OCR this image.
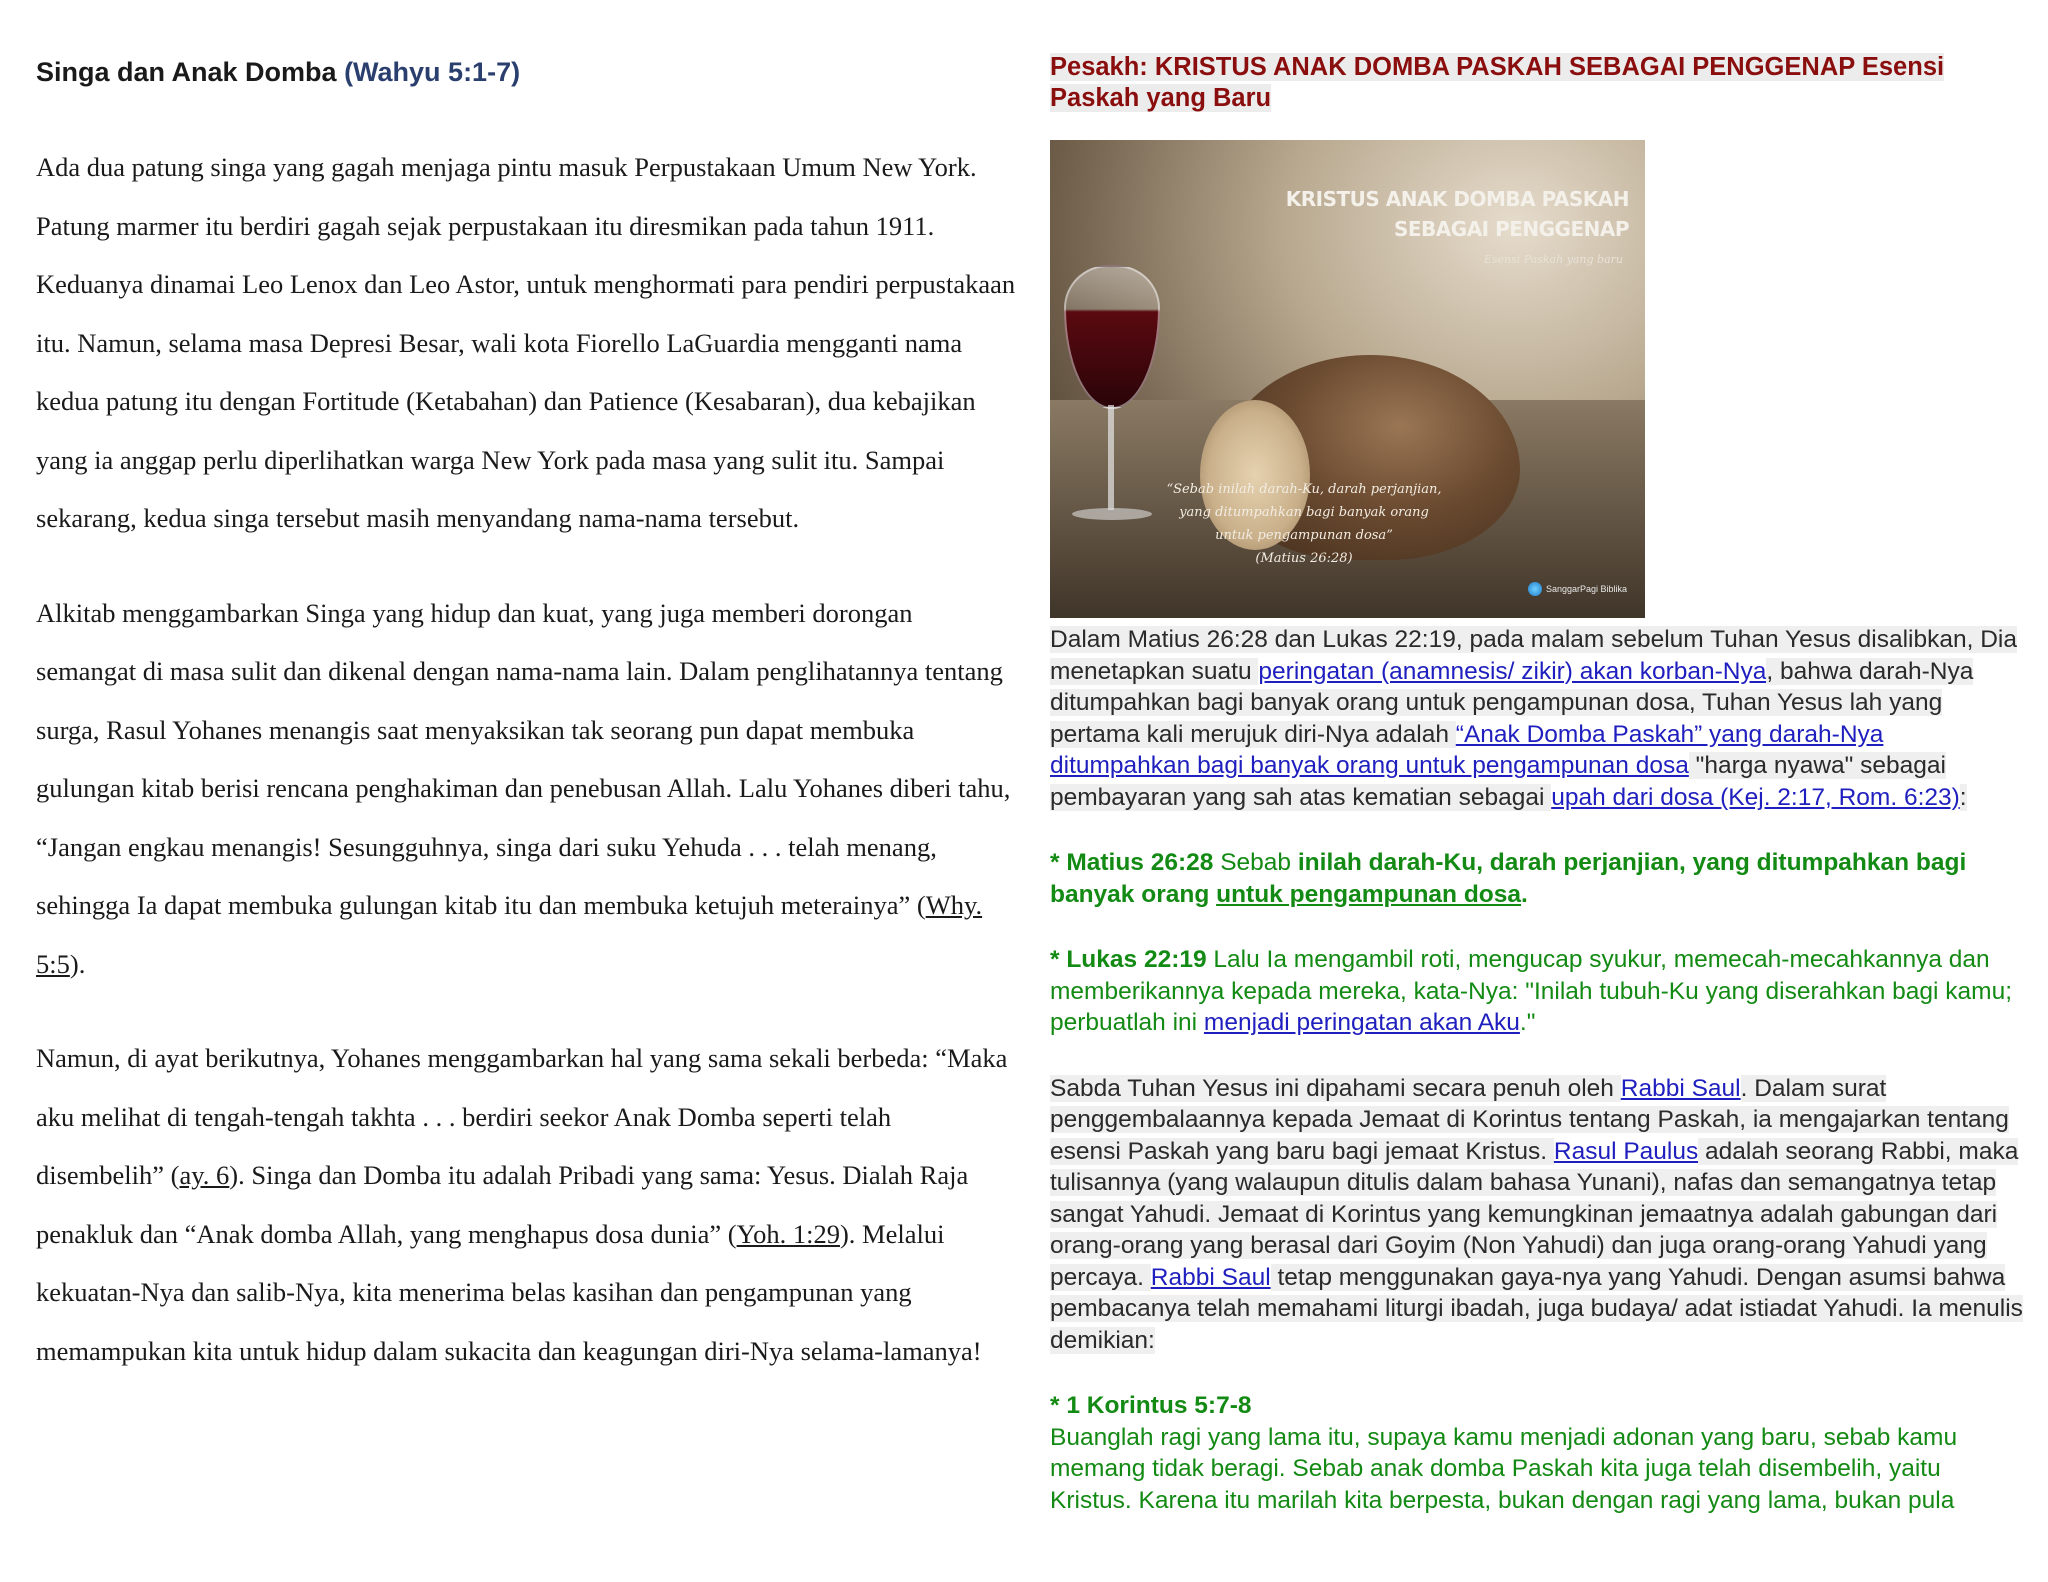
Singa dan Anak Domba (Wahyu 5:1-7)

Ada dua patung singa yang gagah menjaga pintu masuk Perpustakaan Umum New York. Patung marmer itu berdiri gagah sejak perpustakaan itu diresmikan pada tahun 1911. Keduanya dinamai Leo Lenox dan Leo Astor, untuk menghormati para pendiri perpustakaan itu. Namun, selama masa Depresi Besar, wali kota Fiorello LaGuardia mengganti nama kedua patung itu dengan Fortitude (Ketabahan) dan Patience (Kesabaran), dua kebajikan yang ia anggap perlu diperlihatkan warga New York pada masa yang sulit itu. Sampai sekarang, kedua singa tersebut masih menyandang nama-nama tersebut.

Alkitab menggambarkan Singa yang hidup dan kuat, yang juga memberi dorongan semangat di masa sulit dan dikenal dengan nama-nama lain. Dalam penglihatannya tentang surga, Rasul Yohanes menangis saat menyaksikan tak seorang pun dapat membuka gulungan kitab berisi rencana penghakiman dan penebusan Allah. Lalu Yohanes diberi tahu, “Jangan engkau menangis! Sesungguhnya, singa dari suku Yehuda . . . telah menang, sehingga Ia dapat membuka gulungan kitab itu dan membuka ketujuh meterainya” (Why. 5:5).

Namun, di ayat berikutnya, Yohanes menggambarkan hal yang sama sekali berbeda: “Maka aku melihat di tengah-tengah takhta . . . berdiri seekor Anak Domba seperti telah disembelih” (ay. 6). Singa dan Domba itu adalah Pribadi yang sama: Yesus. Dialah Raja penakluk dan “Anak domba Allah, yang menghapus dosa dunia” (Yoh. 1:29). Melalui kekuatan-Nya dan salib-Nya, kita menerima belas kasihan dan pengampunan yang memampukan kita untuk hidup dalam sukacita dan keagungan diri-Nya selama-lamanya!

Pesakh: KRISTUS ANAK DOMBA PASKAH SEBAGAI PENGGENAP Esensi Paskah yang Baru
KRISTUS ANAK DOMBA PASKAH
SEBAGAI PENGGENAP
Esensi Paskah yang baru
“Sebab inilah darah-Ku, darah perjanjian,
yang ditumpahkan bagi banyak orang
untuk pengampunan dosa”
(Matius 26:28)
SanggarPagi Biblika

Dalam Matius 26:28 dan Lukas 22:19, pada malam sebelum Tuhan Yesus disalibkan, Dia menetapkan suatu peringatan (anamnesis/ zikir) akan korban-Nya, bahwa darah-Nya ditumpahkan bagi banyak orang untuk pengampunan dosa, Tuhan Yesus lah yang pertama kali merujuk diri-Nya adalah “Anak Domba Paskah” yang darah-Nya ditumpahkan bagi banyak orang untuk pengampunan dosa "harga nyawa" sebagai pembayaran yang sah atas kematian sebagai upah dari dosa (Kej. 2:17, Rom. 6:23):

* Matius 26:28 Sebab inilah darah-Ku, darah perjanjian, yang ditumpahkan bagi banyak orang untuk pengampunan dosa.

* Lukas 22:19 Lalu Ia mengambil roti, mengucap syukur, memecah-mecahkannya dan memberikannya kepada mereka, kata-Nya: "Inilah tubuh-Ku yang diserahkan bagi kamu; perbuatlah ini menjadi peringatan akan Aku."

Sabda Tuhan Yesus ini dipahami secara penuh oleh Rabbi Saul. Dalam surat penggembalaannya kepada Jemaat di Korintus tentang Paskah, ia mengajarkan tentang esensi Paskah yang baru bagi jemaat Kristus. Rasul Paulus adalah seorang Rabbi, maka tulisannya (yang walaupun ditulis dalam bahasa Yunani), nafas dan semangatnya tetap sangat Yahudi. Jemaat di Korintus yang kemungkinan jemaatnya adalah gabungan dari orang-orang yang berasal dari Goyim (Non Yahudi) dan juga orang-orang Yahudi yang percaya. Rabbi Saul tetap menggunakan gaya-nya yang Yahudi. Dengan asumsi bahwa pembacanya telah memahami liturgi ibadah, juga budaya/ adat istiadat Yahudi. Ia menulis demikian:

* 1 Korintus 5:7-8
Buanglah ragi yang lama itu, supaya kamu menjadi adonan yang baru, sebab kamu memang tidak beragi. Sebab anak domba Paskah kita juga telah disembelih, yaitu Kristus. Karena itu marilah kita berpesta, bukan dengan ragi yang lama, bukan pula
